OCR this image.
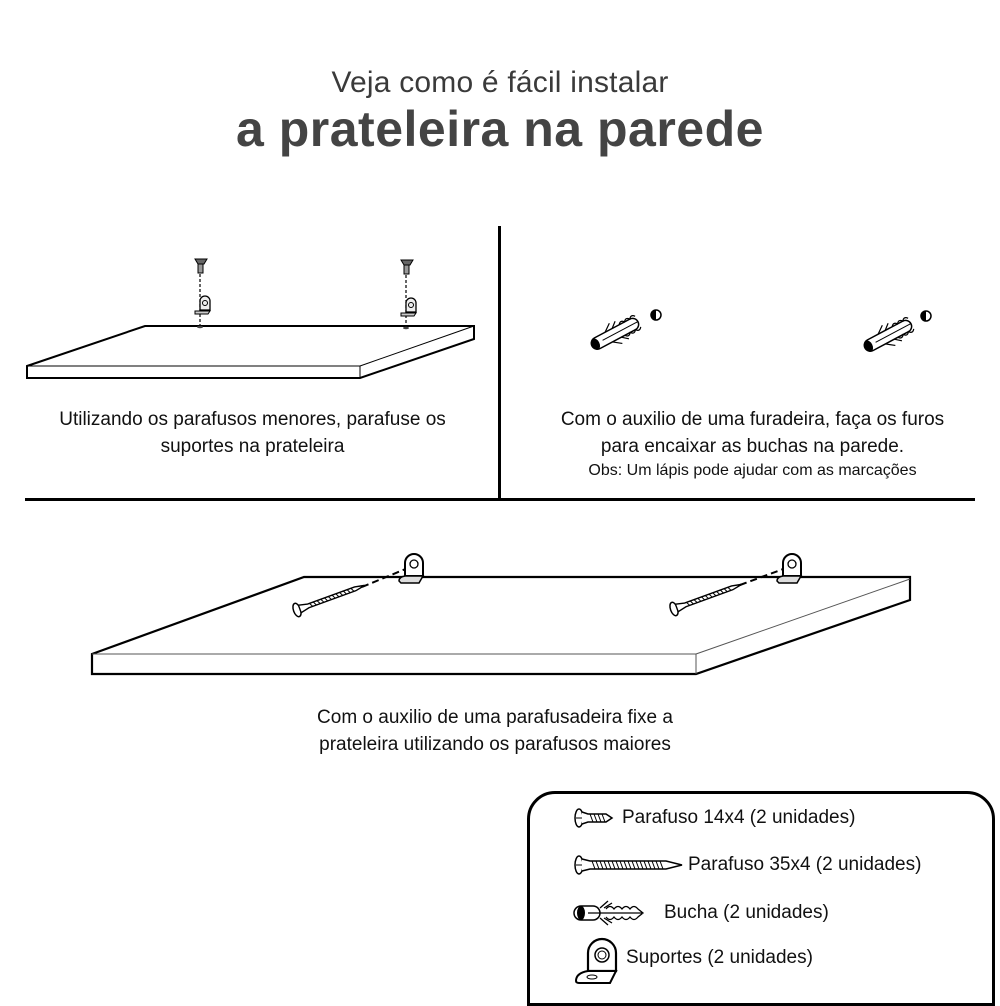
Veja como é fácil instalar
a prateleira na parede
Utilizando os parafusos menores, parafuse os
suportes na prateleira
Com o auxilio de uma furadeira, faça os furos
para encaixar as buchas na parede.
Obs: Um lápis pode ajudar com as marcações
Com o auxilio de uma parafusadeira fixe a
prateleira utilizando os parafusos maiores
Parafuso 14x4 (2 unidades)
Parafuso 35x4 (2 unidades)
Bucha (2 unidades)
Suportes (2 unidades)
